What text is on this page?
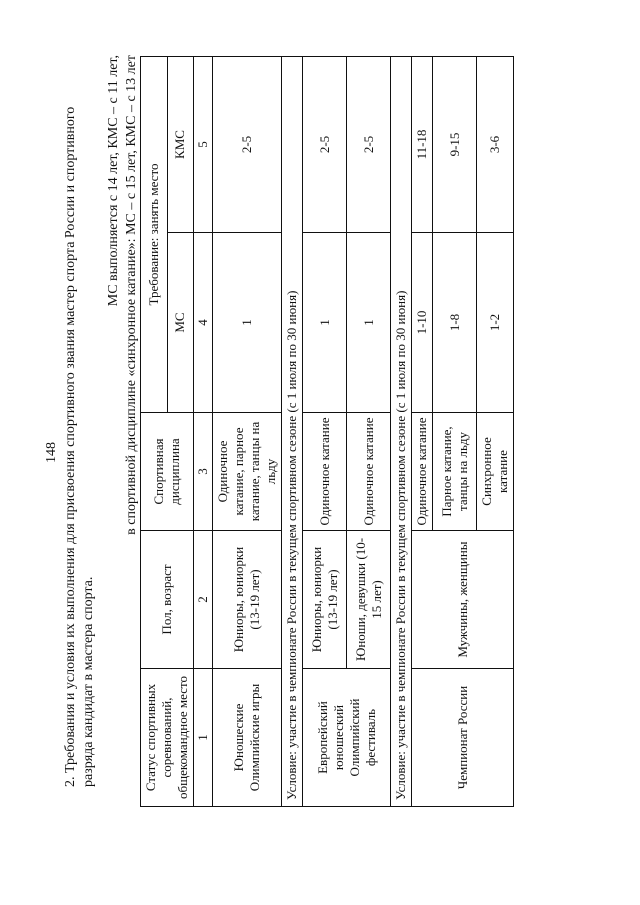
148 2. Требования и условия их выполнения для присвоения спортивного звания мастер спорта России и спортивного разряда кандидат в мастера спорта.

МС выполняется с 14 лет, КМС – с 11 лет, в спортивной дисциплине «синхронное катание»: МС – с 15 лет, КМС – с 13 лет
Статус спортивных соревнований, общекомандное место	Пол, возраст	Спортивная дисциплина	Требование: занять место	
			МС	КМС
1	2	3	4	5
Юношеские Олимпийские игры	Юниоры, юниорки (13-19 лет)	Одиночное катание, парное катание, танцы на льду	1	2-5
Условие: участие в чемпионате России в текущем спортивном сезоне (с 1 июля по 30 июня)				
Европейский юношеский Олимпийский фестиваль	Юниоры, юниорки (13-19 лет)	Одиночное катание	1	2-5
	Юноши, девушки (10-15 лет)	Одиночное катание	1	2-5
Условие: участие в чемпионате России в текущем спортивном сезоне (с 1 июля по 30 июня)				
Чемпионат России	Мужчины, женщины	Одиночное катание	1-10	11-18
		Парное катание, танцы на льду	1-8	9-15
		Синхронное катание	1-2	3-6
